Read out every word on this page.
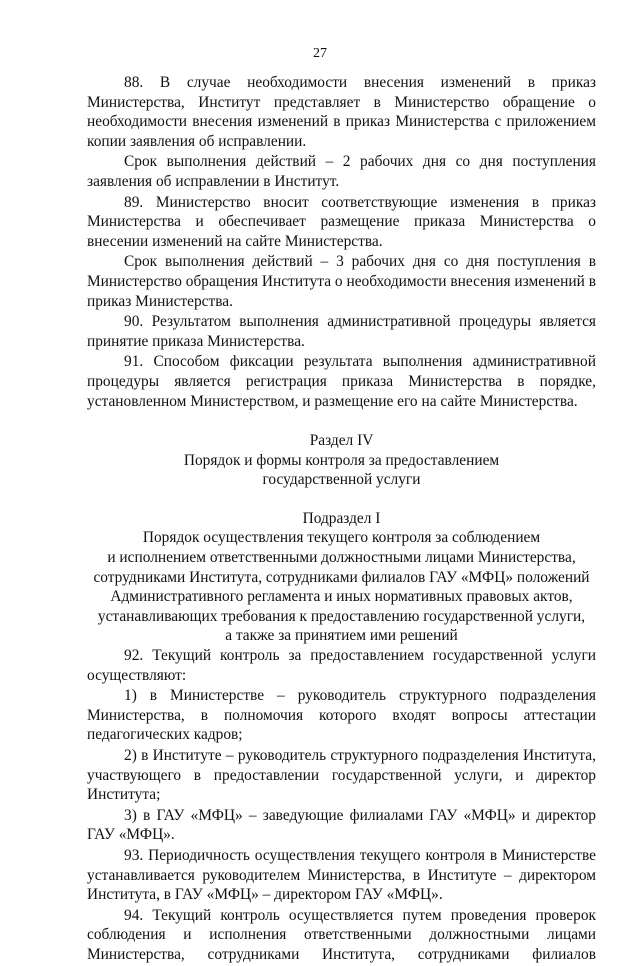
27

88. В случае необходимости внесения изменений в приказ Министерства, Институт представляет в Министерство обращение о необходимости внесения изменений в приказ Министерства с приложением копии заявления об исправлении.

Срок выполнения действий – 2 рабочих дня со дня поступления заявления об исправлении в Институт.

89. Министерство вносит соответствующие изменения в приказ Министерства и обеспечивает размещение приказа Министерства о внесении изменений на сайте Министерства.

Срок выполнения действий – 3 рабочих дня со дня поступления в Министерство обращения Института о необходимости внесения изменений в приказ Министерства.

90. Результатом выполнения административной процедуры является принятие приказа Министерства.

91. Способом фиксации результата выполнения административной процедуры является регистрация приказа Министерства в порядке, установленном Министерством, и размещение его на сайте Министерства.

Раздел IV

Порядок и формы контроля за предоставлением

государственной услуги

Подраздел I

Порядок осуществления текущего контроля за соблюдением

и исполнением ответственными должностными лицами Министерства,

сотрудниками Института, сотрудниками филиалов ГАУ «МФЦ» положений

Административного регламента и иных нормативных правовых актов,

устанавливающих требования к предоставлению государственной услуги,

а также за принятием ими решений

92. Текущий контроль за предоставлением государственной услуги осуществляют:

1) в Министерстве – руководитель структурного подразделения Министерства, в полномочия которого входят вопросы аттестации педагогических кадров;

2) в Институте – руководитель структурного подразделения Института, участвующего в предоставлении государственной услуги, и директор Института;

3) в ГАУ «МФЦ» – заведующие филиалами ГАУ «МФЦ» и директор ГАУ «МФЦ».

93. Периодичность осуществления текущего контроля в Министерстве устанавливается руководителем Министерства, в Институте – директором Института, в ГАУ «МФЦ» – директором ГАУ «МФЦ».

94. Текущий контроль осуществляется путем проведения проверок соблюдения и исполнения ответственными должностными лицами Министерства, сотрудниками Института, сотрудниками филиалов
